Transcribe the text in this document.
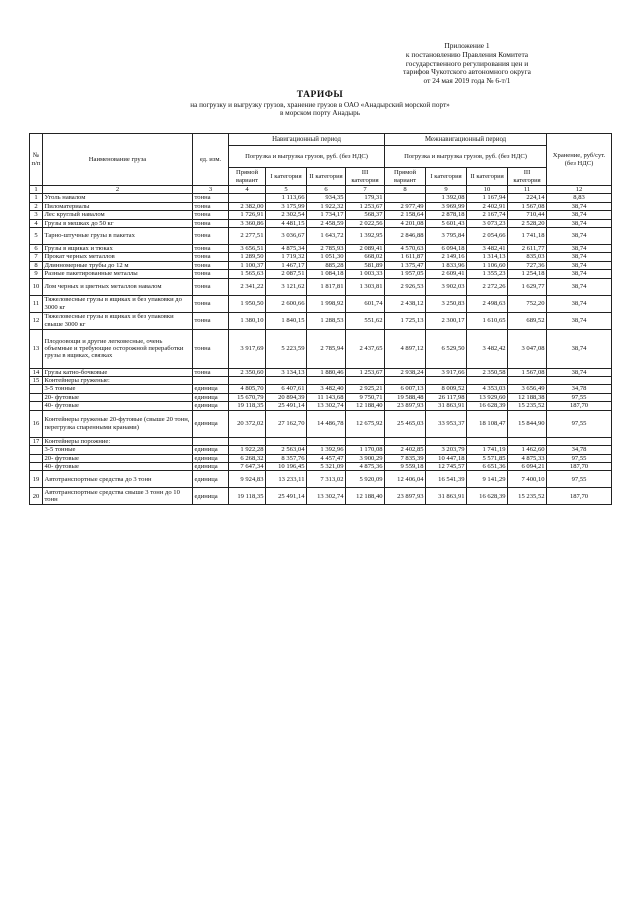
Приложение 1
к постановлению Правления Комитета
государственного регулирования цен и
тарифов Чукотского автономного округа
от 24 мая 2019 года № 6-т/1
ТАРИФЫ
на погрузку и выгрузку грузов, хранение грузов в ОАО «Анадырский морской порт»
в морском порту Анадырь
№ п/п	Наименование груза	ед. изм.	Навигационный период				Межнавигационный период				Хранение, руб/сут. (без НДС)
			Погрузка и выгрузка грузов, руб. (без НДС)				Погрузка и выгрузка грузов, руб. (без НДС)				
			Прямой вариант	I категория	II категория	III категория	Прямой вариант	I категория	II категория	III категория	
1	2	3	4	5	6	7	8	9	10	11	12
1	Уголь навалом	тонна		1 113,66	934,35	179,31		1 392,08	1 167,94	224,14	8,83
2	Пиломатериалы	тонна	2 382,00	3 175,99	1 922,32	1 253,67	2 977,49	3 969,99	2 402,91	1 567,08	38,74
3	Лес круглый навалом	тонна	1 726,91	2 302,54	1 734,17	568,37	2 158,64	2 878,18	2 167,74	710,44	38,74
4	Грузы в мешках до 50 кг	тонна	3 360,86	4 481,15	2 458,59	2 022,56	4 201,08	5 601,43	3 073,23	2 528,20	38,74
5	Тарно-штучные грузы в пакетах	тонна	2 277,51	3 036,67	1 643,72	1 392,95	2 846,88	3 795,84	2 054,66	1 741,18	38,74
6	Грузы в ящиках и тюках	тонна	3 656,51	4 875,34	2 785,93	2 089,41	4 570,63	6 094,18	3 482,41	2 611,77	38,74
7	Прокат черных металлов	тонна	1 289,50	1 719,32	1 051,30	668,02	1 611,87	2 149,16	1 314,13	835,03	38,74
8	Длинномерные трубы до 12 м	тонна	1 100,37	1 467,17	885,28	581,89	1 375,47	1 833,96	1 106,60	727,36	38,74
9	Разные пакетированные металлы	тонна	1 565,63	2 087,51	1 084,18	1 003,33	1 957,05	2 609,41	1 355,23	1 254,18	38,74
10	Лом черных и цветных металлов навалом	тонна	2 341,22	3 121,62	1 817,81	1 303,81	2 926,53	3 902,03	2 272,26	1 629,77	38,74
11	Тяжеловесные грузы в ящиках и без упаковки до 3000 кг	тонна	1 950,50	2 600,66	1 998,92	601,74	2 438,12	3 250,83	2 498,63	752,20	38,74
12	Тяжеловесные грузы в ящиках и без упаковки свыше 3000 кг	тонна	1 380,10	1 840,15	1 288,53	551,62	1 725,13	2 300,17	1 610,65	689,52	38,74
13	Плодоовощи и другие легковесные, очень объемные и требующие осторожной переработки грузы в ящиках, связках	тонна	3 917,69	5 223,59	2 785,94	2 437,65	4 897,12	6 529,50	3 482,42	3 047,08	38,74
14	Грузы катно-бочковые	тонна	2 350,60	3 134,13	1 880,46	1 253,67	2 938,24	3 917,66	2 350,58	1 567,08	38,74
15	Контейнеры груженые:										
	3-5 тонные	единица	4 805,70	6 407,61	3 482,40	2 925,21	6 007,13	8 009,52	4 353,03	3 656,49	34,78
	20- футовые	единица	15 670,79	20 894,39	11 143,68	9 750,71	19 588,48	26 117,98	13 929,60	12 188,38	97,55
	40- футовые	единица	19 118,35	25 491,14	13 302,74	12 188,40	23 897,93	31 863,91	16 628,39	15 235,52	187,70
16	Контейнеры груженые 20-футовые (свыше 20 тонн, перегрузка спаренными кранами)	единица	20 372,02	27 162,70	14 486,78	12 675,92	25 465,03	33 953,37	18 108,47	15 844,90	97,55
17	Контейнеры порожние:										
	3-5 тонные	единица	1 922,28	2 563,04	1 392,96	1 170,08	2 402,85	3 203,79	1 741,19	1 462,60	34,78
	20- футовые	единица	6 268,32	8 357,76	4 457,47	3 900,29	7 835,39	10 447,18	5 571,85	4 875,33	97,55
	40- футовые	единица	7 647,34	10 196,45	5 321,09	4 875,36	9 559,18	12 745,57	6 651,36	6 094,21	187,70
19	Автотранспортные средства до 3 тонн	единица	9 924,83	13 233,11	7 313,02	5 920,09	12 406,04	16 541,39	9 141,29	7 400,10	97,55
20	Автотранспортные средства свыше 3 тонн до 10 тонн	единица	19 118,35	25 491,14	13 302,74	12 188,40	23 897,93	31 863,91	16 628,39	15 235,52	187,70
